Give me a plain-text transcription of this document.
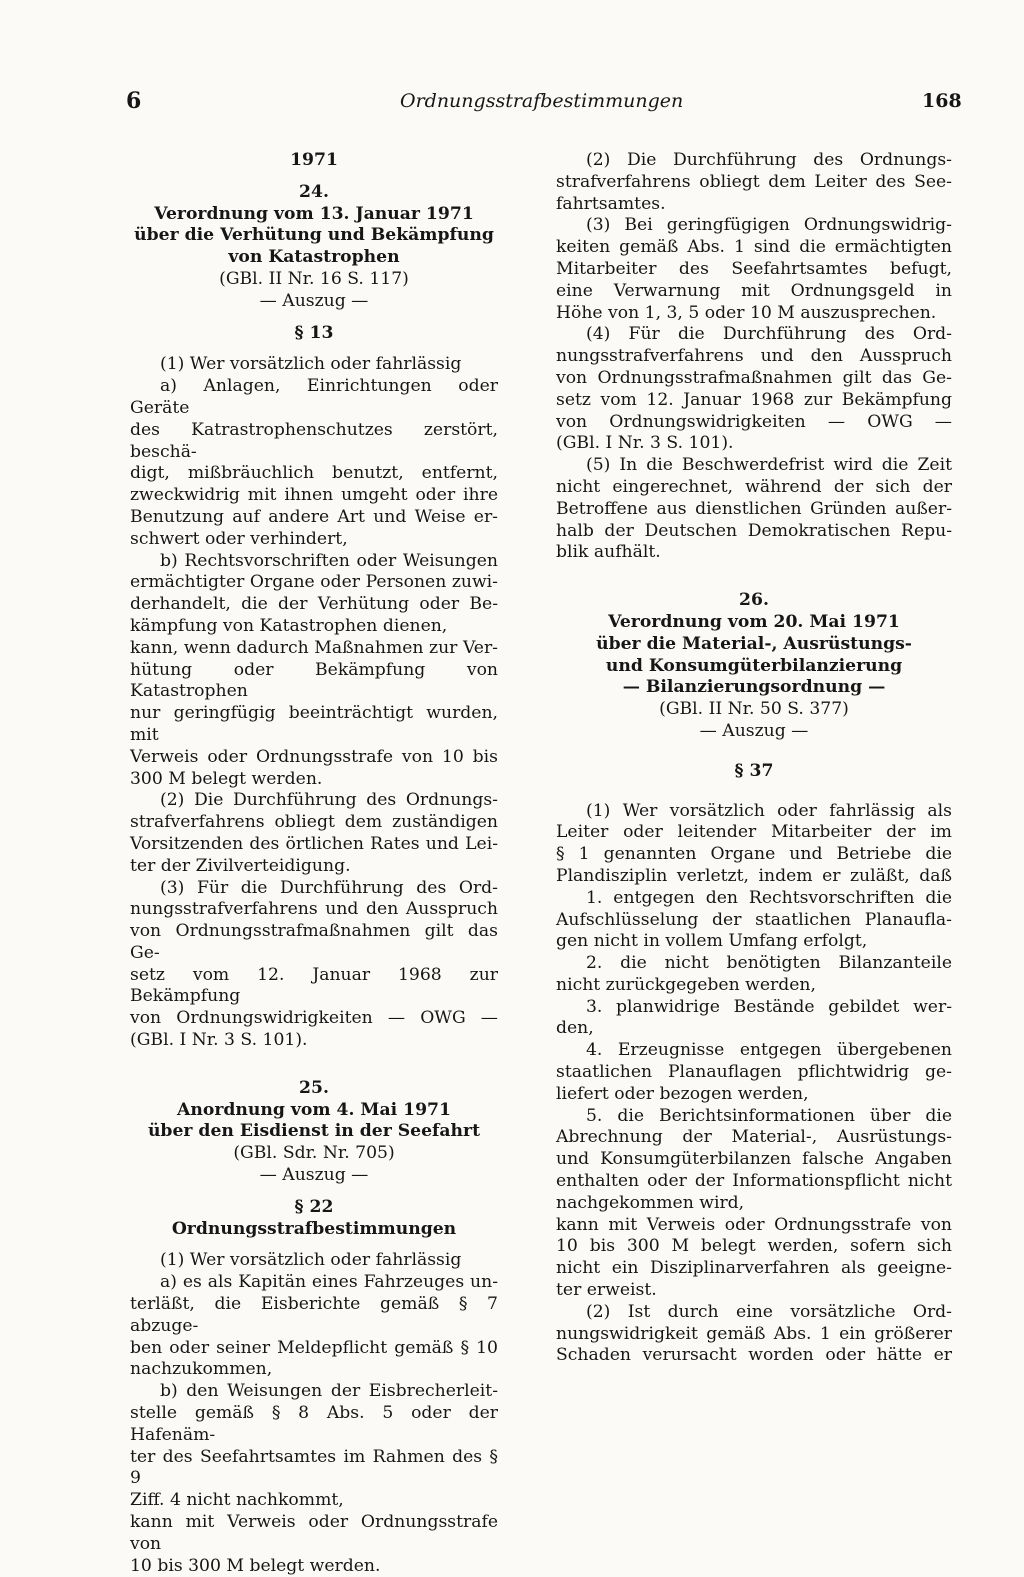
6	Ordnungsstrafbestimmungen	168
1971
24.
Verordnung vom 13. Januar 1971
über die Verhütung und Bekämpfung
von Katastrophen
(GBl. II Nr. 16 S. 117)
— Auszug —
§ 13

(1) Wer vorsätzlich oder fahrlässig

a) Anlagen, Einrichtungen oder Geräte

des Katrastrophenschutzes zerstört, beschä-

digt, mißbräuchlich benutzt, entfernt,

zweckwidrig mit ihnen umgeht oder ihre

Benutzung auf andere Art und Weise er-

schwert oder verhindert,

b) Rechtsvorschriften oder Weisungen

ermächtigter Organe oder Personen zuwi-

derhandelt, die der Verhütung oder Be-

kämpfung von Katastrophen dienen,

kann, wenn dadurch Maßnahmen zur Ver-

hütung oder Bekämpfung von Katastrophen

nur geringfügig beeinträchtigt wurden, mit

Verweis oder Ordnungsstrafe von 10 bis

300 M belegt werden.

(2) Die Durchführung des Ordnungs-

strafverfahrens obliegt dem zuständigen

Vorsitzenden des örtlichen Rates und Lei-

ter der Zivilverteidigung.

(3) Für die Durchführung des Ord-

nungsstrafverfahrens und den Ausspruch

von Ordnungsstrafmaßnahmen gilt das Ge-

setz vom 12. Januar 1968 zur Bekämpfung

von Ordnungswidrigkeiten — OWG —

(GBl. I Nr. 3 S. 101).

25.
Anordnung vom 4. Mai 1971
über den Eisdienst in der Seefahrt
(GBl. Sdr. Nr. 705)
— Auszug —
§ 22
Ordnungsstrafbestimmungen

(1) Wer vorsätzlich oder fahrlässig

a) es als Kapitän eines Fahrzeuges un-

terläßt, die Eisberichte gemäß § 7 abzuge-

ben oder seiner Meldepflicht gemäß § 10

nachzukommen,

b) den Weisungen der Eisbrecherleit-

stelle gemäß § 8 Abs. 5 oder der Hafenäm-

ter des Seefahrtsamtes im Rahmen des § 9

Ziff. 4 nicht nachkommt,

kann mit Verweis oder Ordnungsstrafe von

10 bis 300 M belegt werden.

(2) Die Durchführung des Ordnungs-

strafverfahrens obliegt dem Leiter des See-

fahrtsamtes.

(3) Bei geringfügigen Ordnungswidrig-

keiten gemäß Abs. 1 sind die ermächtigten

Mitarbeiter des Seefahrtsamtes befugt,

eine Verwarnung mit Ordnungsgeld in

Höhe von 1, 3, 5 oder 10 M auszusprechen.

(4) Für die Durchführung des Ord-

nungsstrafverfahrens und den Ausspruch

von Ordnungsstrafmaßnahmen gilt das Ge-

setz vom 12. Januar 1968 zur Bekämpfung

von Ordnungswidrigkeiten — OWG —

(GBl. I Nr. 3 S. 101).

(5) In die Beschwerdefrist wird die Zeit

nicht eingerechnet, während der sich der

Betroffene aus dienstlichen Gründen außer-

halb der Deutschen Demokratischen Repu-

blik aufhält.

26.
Verordnung vom 20. Mai 1971
über die Material-, Ausrüstungs-
und Konsumgüterbilanzierung
— Bilanzierungsordnung —
(GBl. II Nr. 50 S. 377)
— Auszug —
§ 37

(1) Wer vorsätzlich oder fahrlässig als

Leiter oder leitender Mitarbeiter der im

§ 1 genannten Organe und Betriebe die

Plandisziplin verletzt, indem er zuläßt, daß

1. entgegen den Rechtsvorschriften die

Aufschlüsselung der staatlichen Planaufla-

gen nicht in vollem Umfang erfolgt,

2. die nicht benötigten Bilanzanteile

nicht zurückgegeben werden,

3. planwidrige Bestände gebildet wer-

den,

4. Erzeugnisse entgegen übergebenen

staatlichen Planauflagen pflichtwidrig ge-

liefert oder bezogen werden,

5. die Berichtsinformationen über die

Abrechnung der Material-, Ausrüstungs-

und Konsumgüterbilanzen falsche Angaben

enthalten oder der Informationspflicht nicht

nachgekommen wird,

kann mit Verweis oder Ordnungsstrafe von

10 bis 300 M belegt werden, sofern sich

nicht ein Disziplinarverfahren als geeigne-

ter erweist.

(2) Ist durch eine vorsätzliche Ord-

nungswidrigkeit gemäß Abs. 1 ein größerer

Schaden verursacht worden oder hätte er
